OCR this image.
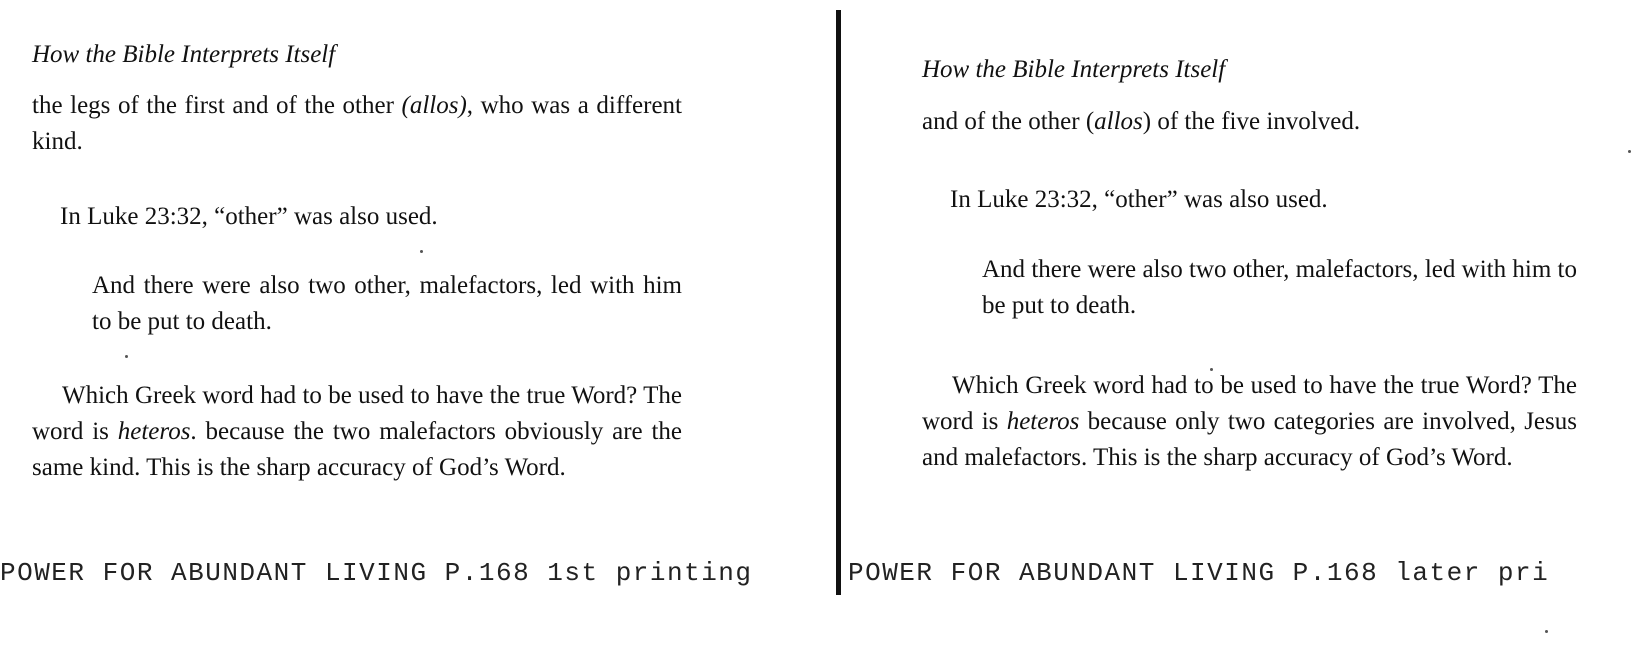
How the Bible Interprets Itself
the legs of the first and of the other (allos), who was a different kind.
In Luke 23:32, “other” was also used.
And there were also two other, malefactors, led with him to be put to death.
Which Greek word had to be used to have the true Word? The word is heteros. because the two malefactors obviously are the same kind. This is the sharp accuracy of God’s Word.
How the Bible Interprets Itself
and of the other (allos) of the five involved.
In Luke 23:32, “other” was also used.
And there were also two other, malefactors, led with him to be put to death.
Which Greek word had to be used to have the true Word? The word is heteros because only two categories are involved, Jesus and malefactors. This is the sharp accuracy of God’s Word.
POWER FOR ABUNDANT LIVING P.168 1st printing	POWER FOR ABUNDANT LIVING P.168 later pri
